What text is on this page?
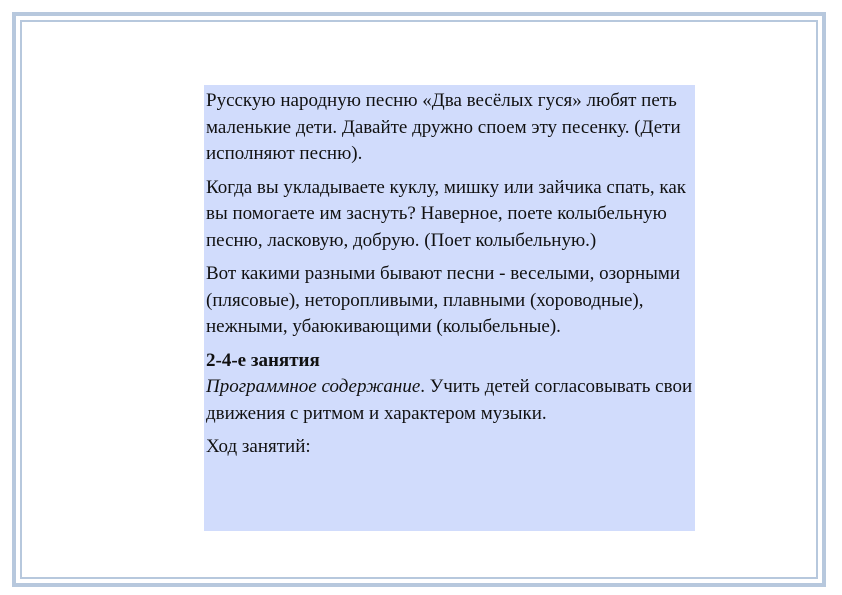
Русскую народную песню «Два весёлых гуся» любят петь маленькие дети. Давайте дружно споем эту песенку. (Дети исполняют песню).

Когда вы укладываете куклу, мишку или зайчика спать, как вы помогаете им заснуть? Наверное, поете колыбельную песню, ласковую, добрую. (Поет колыбельную.)

Вот какими разными бывают песни - веселыми, озорными (плясовые), неторопливыми, плавными (хороводные), нежными, убаюкивающими (колыбельные).

2-4-е занятия

Программное содержание. Учить детей согласовывать свои движения с ритмом и характером музыки.

Ход занятий:
